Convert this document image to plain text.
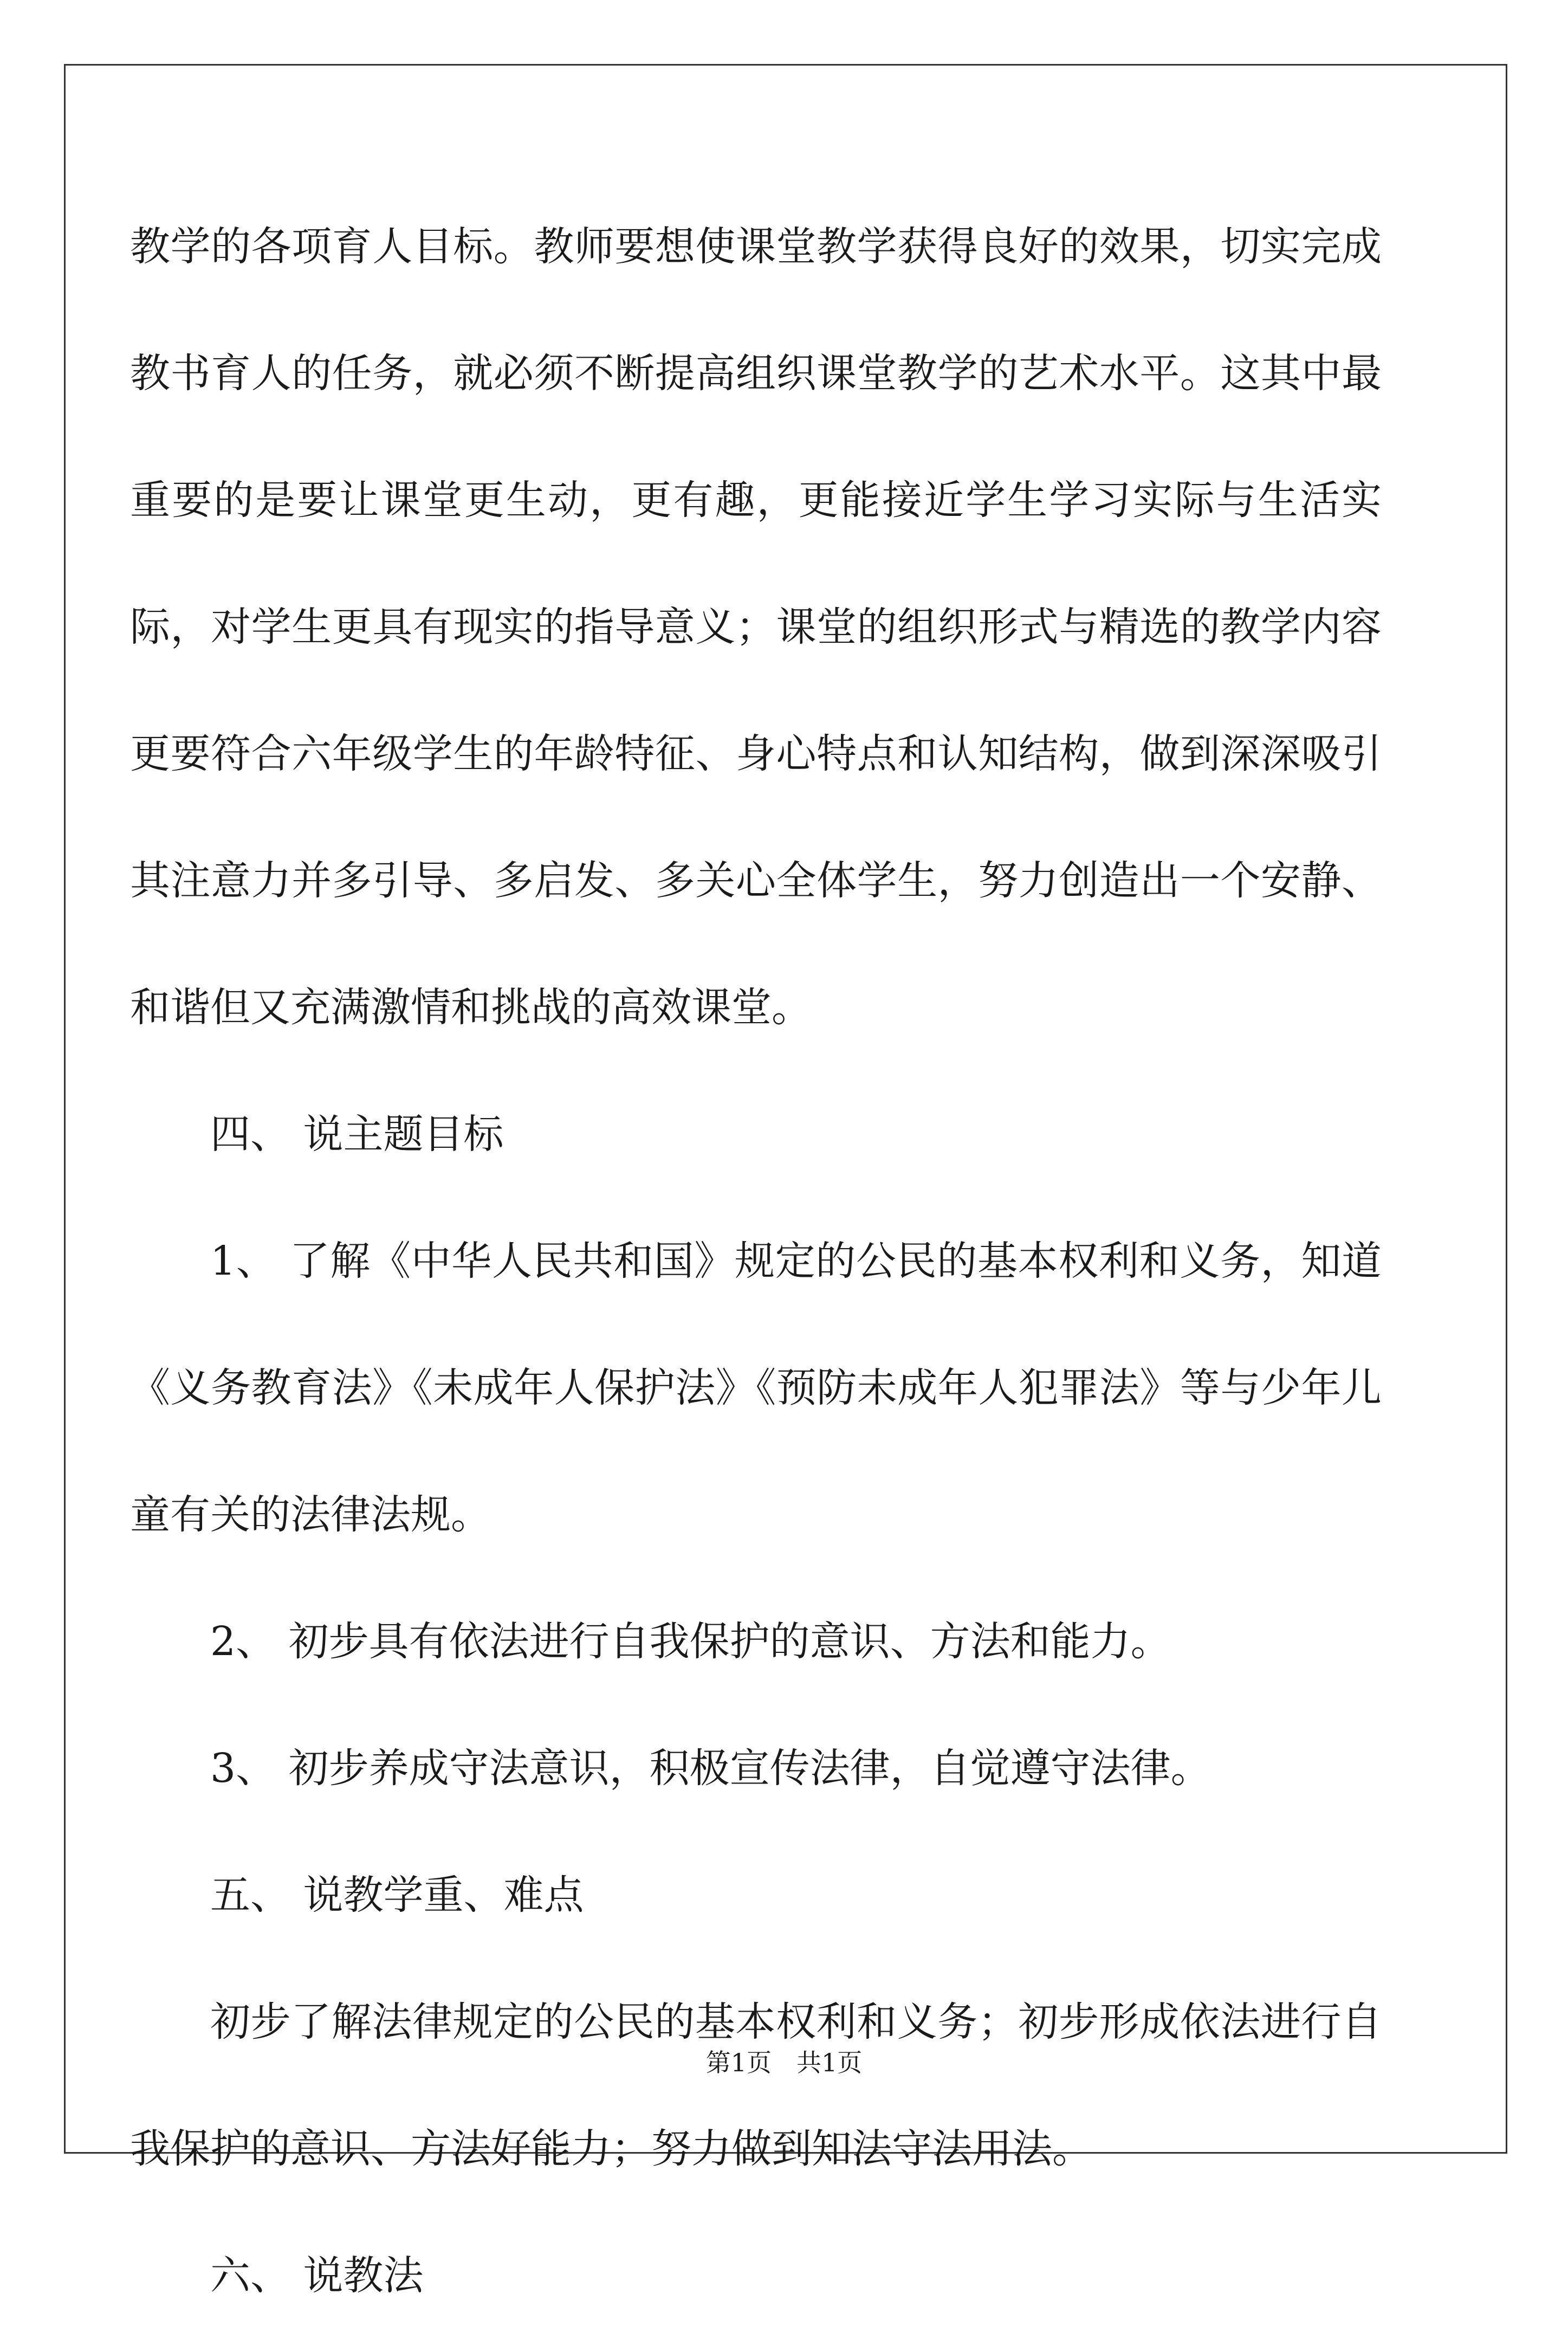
教学的各项育人目标。教师要想使课堂教学获得良好的效果，切实完成教书育人的任务，就必须不断提高组织课堂教学的艺术水平。这其中最重要的是要让课堂更生动，更有趣，更能接近学生学习实际与生活实际，对学生更具有现实的指导意义；课堂的组织形式与精选的教学内容更要符合六年级学生的年龄特征、身心特点和认知结构，做到深深吸引其注意力并多引导、多启发、多关心全体学生，努力创造出一个安静、和谐但又充满激情和挑战的高效课堂。

四、 说主题目标

1、 了解《中华人民共和国》规定的公民的基本权利和义务，知道《义务教育法》《未成年人保护法》《预防未成年人犯罪法》等与少年儿童有关的法律法规。

2、 初步具有依法进行自我保护的意识、方法和能力。

3、 初步养成守法意识，积极宣传法律，自觉遵守法律。

五、 说教学重、难点

初步了解法律规定的公民的基本权利和义务；初步形成依法进行自我保护的意识、方法好能力；努力做到知法守法用法。

六、 说教法

第1页　共1页
